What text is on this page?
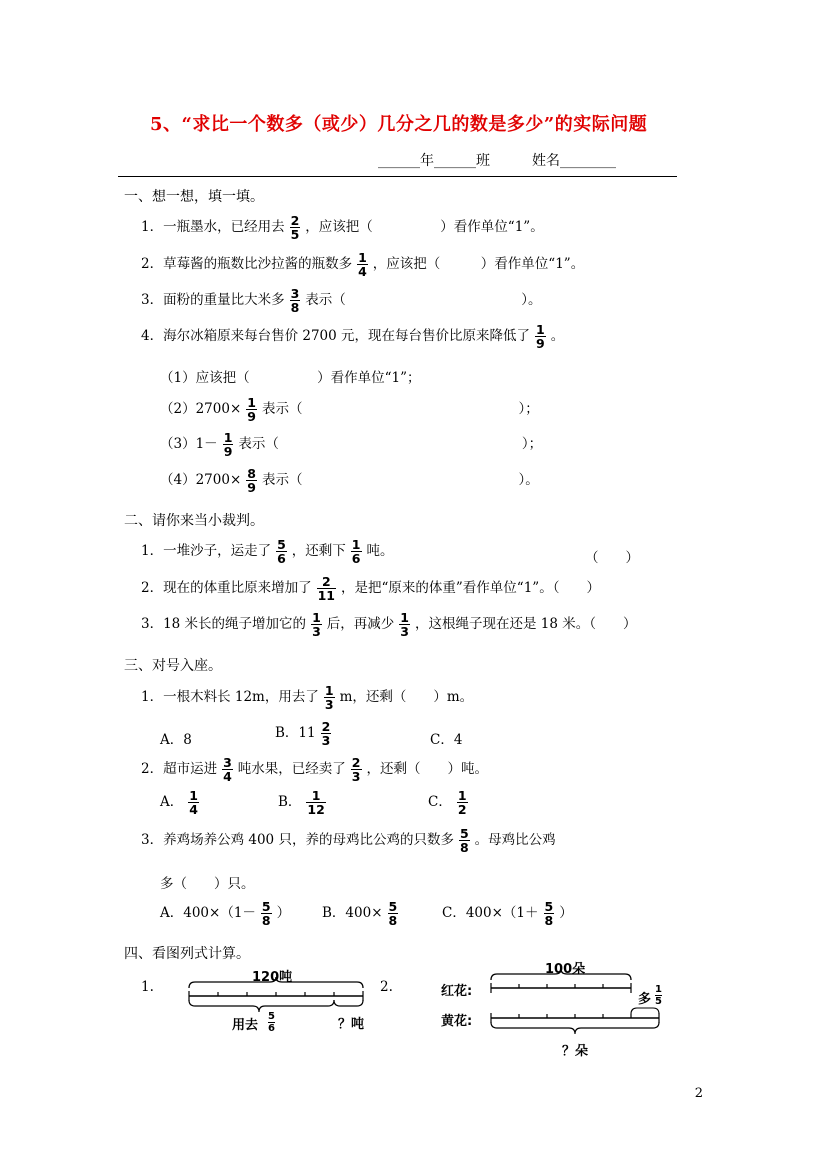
5、“求比一个数多（或少）几分之几的数是多少”的实际问题
______年______班　　　姓名________
一、想一想，填一填。
1．一瓶墨水，已经用去 $\frac{2}{5}$ ，应该把（　　　　　）看作单位“1”。
2．草莓酱的瓶数比沙拉酱的瓶数多 $\frac{1}{4}$ ，应该把（　　　）看作单位“1”。
3．面粉的重量比大米多 $\frac{3}{8}$ 表示（　　　　　　　　　　　　　）。
4．海尔冰箱原来每台售价 2700 元，现在每台售价比原来降低了 $\frac{1}{9}$ 。
（1）应该把（　　　　　）看作单位“1”；
$(2)2700\times \frac{1}{9}$ 表示（　　　　　　　　　　　　　　　　）；
$(3)1- \frac{1}{9}$ 表示（　　　　　　　　　　　　　　　　　　）；
$(4)2700\times \frac{8}{9}$ 表示（　　　　　　　　　　　　　　　　）。
二、请你来当小裁判。
1．一堆沙子，运走了 $\frac{5}{6}$ ，还剩下 $\frac{1}{6}$ 吨。	（　　）
2．现在的体重比原来增加了 $\frac{2}{11}$ ，是把“原来的体重”看作单位“1”。（　　）
3．18 米长的绳子增加它的 $\frac{1}{3}$ 后，再减少 $\frac{1}{3}$ ，这根绳子现在还是 18 米。（　　）
三、对号入座。
1．一根木料长 12m，用去了 $\frac{1}{3}$ m，还剩（　　）m。
A．8	B．$11 \frac{2}{3}$	C．4
2．超市运进 $\frac{3}{4}$ 吨水果，已经卖了 $\frac{2}{3}$ ，还剩（　　）吨。
A． $\frac{1}{4}$	B． $\frac{1}{12}$	C． $\frac{1}{2}$
3．养鸡场养公鸡 400 只，养的母鸡比公鸡的只数多 $\frac{5}{8}$ 。母鸡比公鸡
多（　　）只。
A．$400\times(1- \frac{5}{8}$ ） B．$400\times \frac{5}{8}$	C．$400\times(1+ \frac{5}{8}$ ）
四、看图列式计算。
1.
120吨
用去 $\frac{5}{6}$	？吨
2.
100朵
红花:
黄花:
多 $\frac{1}{5}$
？朵
2
